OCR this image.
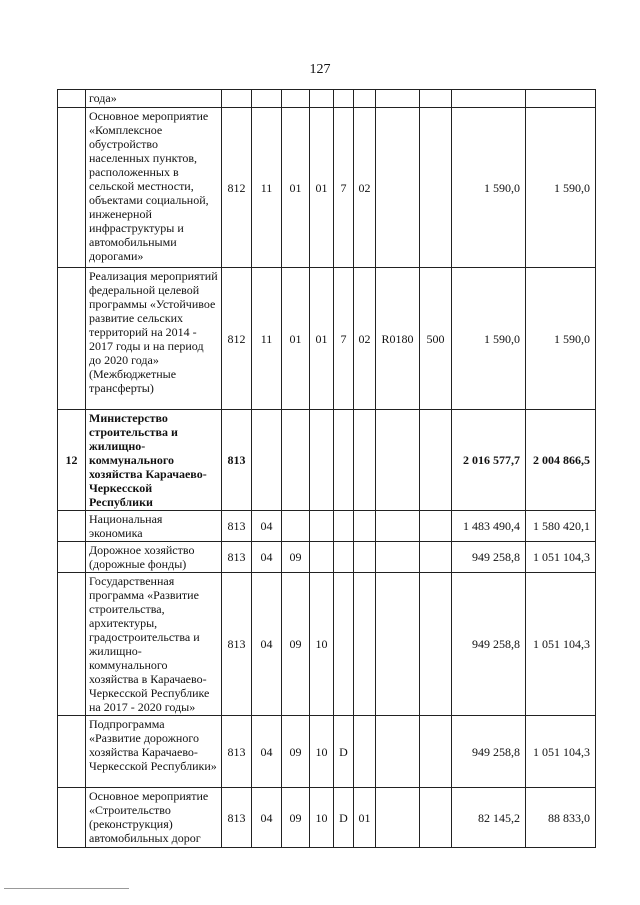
127
	года»										
	Основное мероприятие «Комплексное обустройство населенных пунктов, расположенных в сельской местности, объектами социальной, инженерной инфраструктуры и автомобильными дорогами»	812	11	01	01	7	02			1 590,0	1 590,0
	Реализация мероприятий федеральной целевой программы «Устойчивое развитие сельских территорий на 2014 - 2017 годы и на период до 2020 года» (Межбюджетные трансферты)	812	11	01	01	7	02	R0180	500	1 590,0	1 590,0
12	Министерство строительства и жилищно-коммунального хозяйства Карачаево-Черкесской Республики	813								2 016 577,7	2 004 866,5
	Национальная экономика	813	04							1 483 490,4	1 580 420,1
	Дорожное хозяйство (дорожные фонды)	813	04	09						949 258,8	1 051 104,3
	Государственная программа «Развитие строительства, архитектуры, градостроительства и жилищно-коммунального хозяйства в Карачаево-Черкесской Республике на 2017 - 2020 годы»	813	04	09	10					949 258,8	1 051 104,3
	Подпрограмма «Развитие дорожного хозяйства Карачаево-Черкесской Республики»	813	04	09	10	D				949 258,8	1 051 104,3
	Основное мероприятие «Строительство (реконструкция) автомобильных дорог	813	04	09	10	D	01			82 145,2	88 833,0
